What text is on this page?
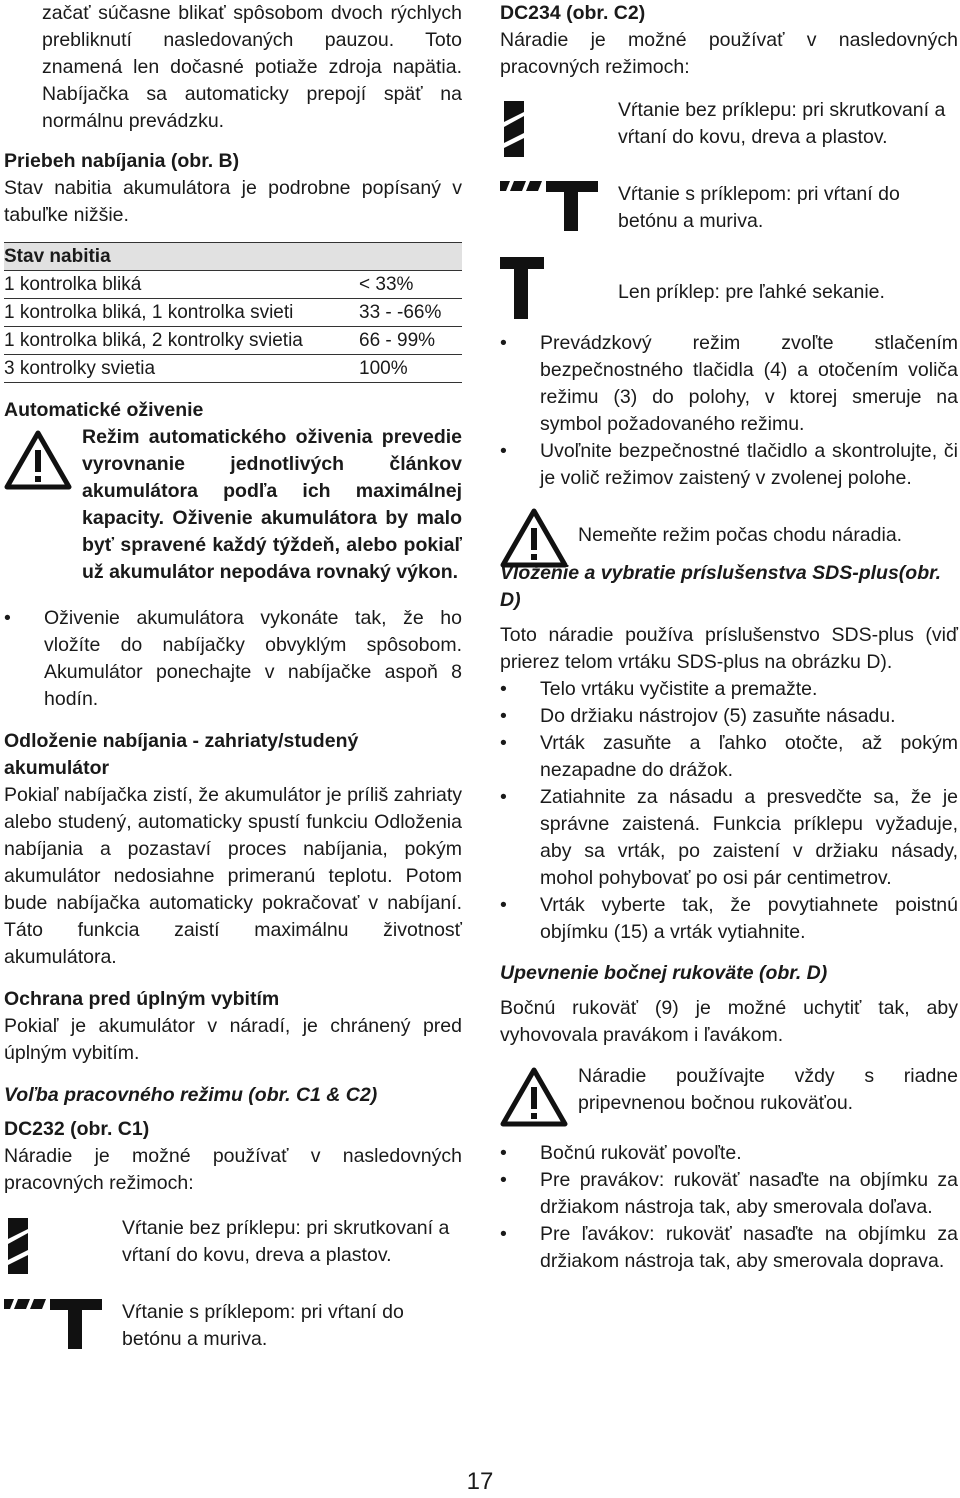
začať súčasne blikať spôsobom dvoch rýchlych prebliknutí nasledovaných pauzou. Toto znamená len dočasné potiaže zdroja napätia. Nabíjačka sa automaticky prepojí späť na normálnu prevádzku.

Priebeh nabíjania (obr. B)

Stav nabitia akumulátora je podrobne popísaný v tabuľke nižšie.

Stav nabitia	
1 kontrolka bliká	< 33%
1 kontrolka bliká, 1 kontrolka svieti	33 - -66%
1 kontrolka bliká, 2 kontrolky svietia	66 - 99%
3 kontrolky svietia	100%
Automatické oživenie

Režim automatického oživenia prevedie vyrovnanie jednotlivých článkov akumulátora podľa ich maximálnej kapacity. Oživenie akumulátora by malo byť spravené každý týždeň, alebo pokiaľ už akumulátor nepodáva rovnaký výkon.

• Oživenie akumulátora vykonáte tak, že ho vložíte do nabíjačky obvyklým spôsobom. Akumulátor ponechajte v nabíjačke aspoň 8 hodín.
Odloženie nabíjania - zahriaty/studený akumulátor

Pokiaľ nabíjačka zistí, že akumulátor je príliš zahriaty alebo studený, automaticky spustí funkciu Odloženia nabíjania a pozastaví proces nabíjania, pokým akumulátor nedosiahne primeranú teplotu. Potom bude nabíjačka automaticky pokračovať v nabíjaní. Táto funkcia zaistí maximálnu životnosť akumulátora.

Ochrana pred úplným vybitím

Pokiaľ je akumulátor v náradí, je chránený pred úplným vybitím.

Voľba pracovného režimu (obr. C1 & C2)
DC232 (obr. C1)

Náradie je možné používať v nasledovných pracovných režimoch:

Vŕtanie bez príklepu: pri skrutkovaní a vŕtaní do kovu, dreva a plastov.

Vŕtanie s príklepom: pri vŕtaní do betónu a muriva.

DC234 (obr. C2)

Náradie je možné používať v nasledovných pracovných režimoch:

Vŕtanie bez príklepu: pri skrutkovaní a vŕtaní do kovu, dreva a plastov.

Vŕtanie s príklepom: pri vŕtaní do betónu a muriva.

Len príklep: pre ľahké sekanie.

• Prevádzkový režim zvoľte stlačením bezpečnostného tlačidla (4) a otočením voliča režimu (3) do polohy, v ktorej smeruje na symbol požadovaného režimu.
• Uvoľnite bezpečnostné tlačidlo a skontrolujte, či je volič režimov zaistený v zvolenej polohe.

Nemeňte režim počas chodu náradia.

Vloženie a vybratie príslušenstva SDS-plus(obr. D)

Toto náradie používa príslušenstvo SDS-plus (viď prierez telom vrtáku SDS-plus na obrázku D).

• Telo vrtáku vyčistite a premažte.
• Do držiaku nástrojov (5) zasuňte násadu.
• Vrták zasuňte a ľahko otočte, až pokým nezapadne do drážok.
• Zatiahnite za násadu a presvedčte sa, že je správne zaistená. Funkcia príklepu vyžaduje, aby sa vrták, po zaistení v držiaku násady, mohol pohybovať po osi pár centimetrov.
• Vrták vyberte tak, že povytiahnete poistnú objímku (15) a vrták vytiahnite.
Upevnenie bočnej rukoväte (obr. D)

Bočnú rukoväť (9) je možné uchytiť tak, aby vyhovovala pravákom i ľavákom.

Náradie používajte vždy s riadne pripevnenou bočnou rukoväťou.

• Bočnú rukoväť povoľte.
• Pre pravákov: rukoväť nasaďte na objímku za držiakom nástroja tak, aby smerovala doľava.
• Pre ľavákov: rukoväť nasaďte na objímku za držiakom nástroja tak, aby smerovala doprava.
17
